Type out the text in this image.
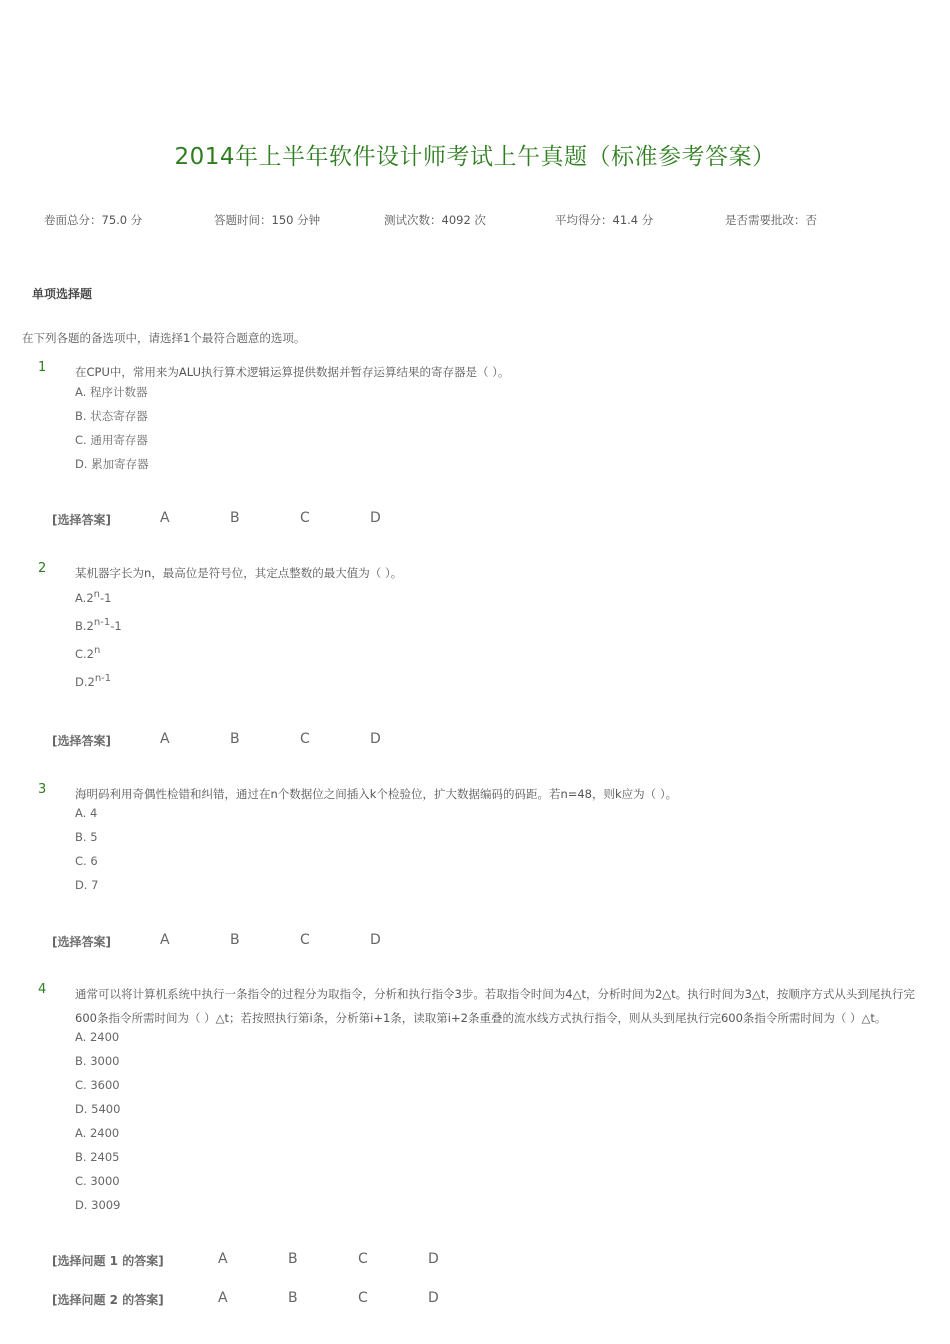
2014年上半年软件设计师考试上午真题（标准参考答案）
卷面总分：75.0 分	答题时间：150 分钟	测试次数：4092 次	平均得分：41.4 分	是否需要批改：否
单项选择题
在下列各题的备选项中，请选择1个最符合题意的选项。
1 在CPU中，常用来为ALU执行算术逻辑运算提供数据并暂存运算结果的寄存器是（ ）。
A. 程序计数器
B. 状态寄存器
C. 通用寄存器
D. 累加寄存器
[选择答案]	A	B	C	D
2 某机器字长为n，最高位是符号位，其定点整数的最大值为（ ）。
A.2$^n$-1
B.2$^{n-1}$-1
C.2$^n$
D.2$^{n-1}$
[选择答案]	A	B	C	D
3 海明码利用奇偶性检错和纠错，通过在n个数据位之间插入k个检验位，扩大数据编码的码距。若n=48，则k应为（ ）。
A. 4
B. 5
C. 6
D. 7
[选择答案]	A	B	C	D
4 通常可以将计算机系统中执行一条指令的过程分为取指令，分析和执行指令3步。若取指令时间为4△t，分析时间为2△t。执行时间为3△t，按顺序方式从头到尾执行完600条指令所需时间为（ ）△t；若按照执行第i条，分析第i+1条，读取第i+2条重叠的流水线方式执行指令，则从头到尾执行完600条指令所需时间为（ ）△t。
A. 2400
B. 3000
C. 3600
D. 5400
A. 2400
B. 2405
C. 3000
D. 3009
[选择问题 1 的答案]	A	B	C	D
[选择问题 2 的答案]	A	B	C	D
